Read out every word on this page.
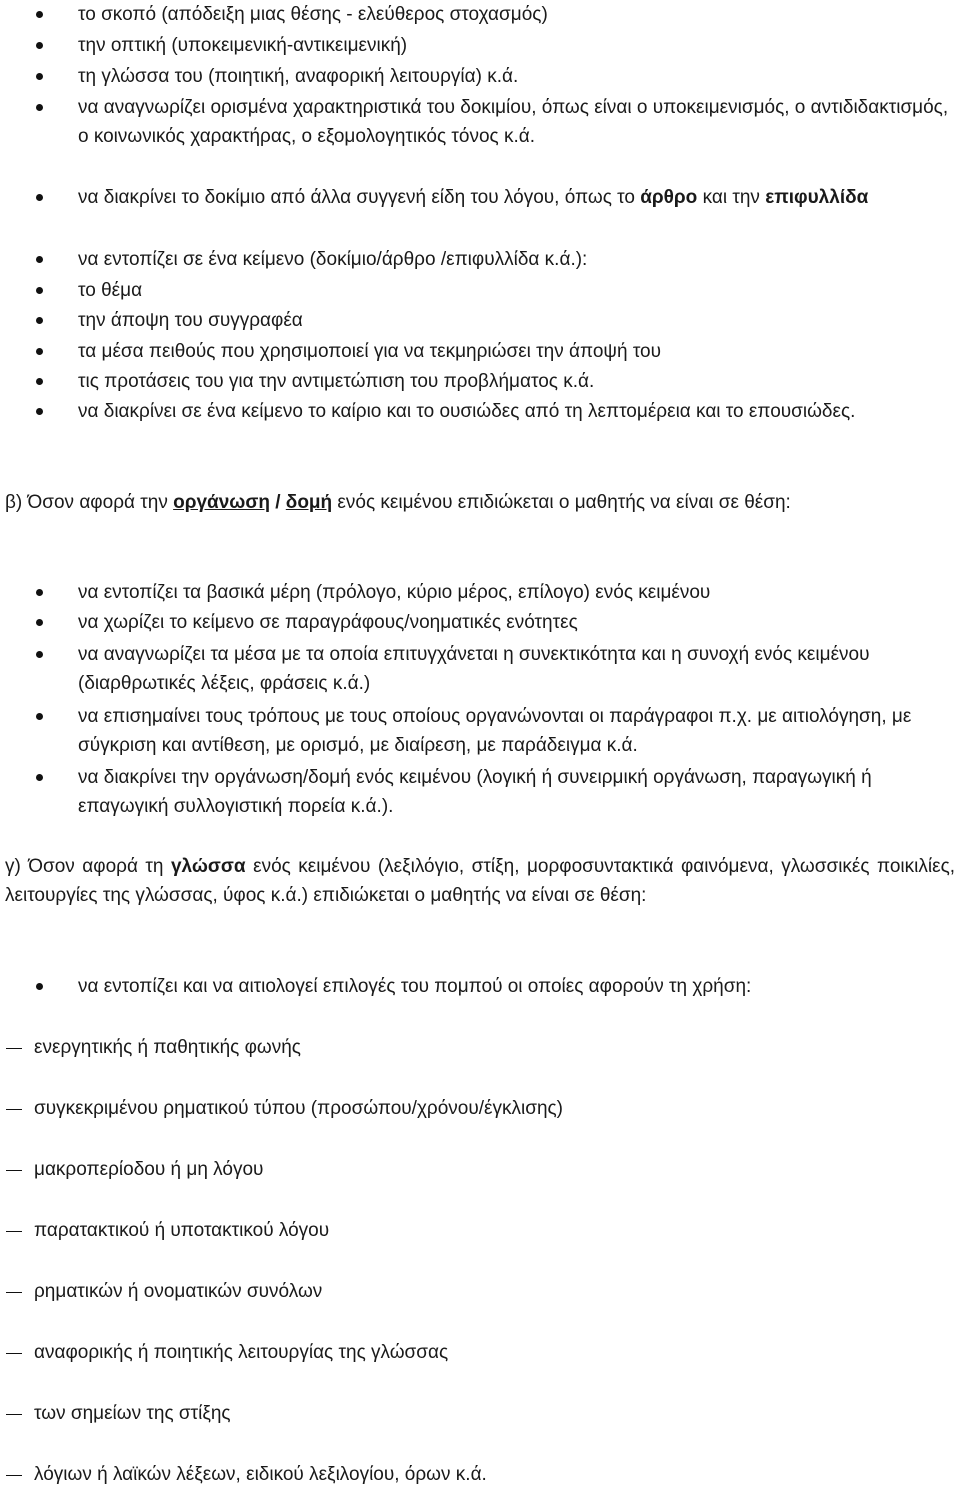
το σκοπό (απόδειξη μιας θέσης - ελεύθερος στοχασμός)
την οπτική (υποκειμενική-αντικειμενική)
τη γλώσσα του (ποιητική, αναφορική λειτουργία) κ.ά.
να αναγνωρίζει ορισμένα χαρακτηριστικά του δοκιμίου, όπως είναι ο υποκειμενισμός, ο αντιδιδακτισμός, ο κοινωνικός χαρακτήρας, ο εξομολογητικός τόνος κ.ά.
να διακρίνει το δοκίμιο από άλλα συγγενή είδη του λόγου, όπως το άρθρο και την επιφυλλίδα
να εντοπίζει σε ένα κείμενο (δοκίμιο/άρθρο /επιφυλλίδα κ.ά.):
το θέμα
την άποψη του συγγραφέα
τα μέσα πειθούς που χρησιμοποιεί για να τεκμηριώσει την άποψή του
τις προτάσεις του για την αντιμετώπιση του προβλήματος κ.ά.
να διακρίνει σε ένα κείμενο το καίριο και το ουσιώδες από τη λεπτομέρεια και το επουσιώδες.
β) Όσον αφορά την οργάνωση / δομή ενός κειμένου επιδιώκεται ο μαθητής να είναι σε θέση:
να εντοπίζει τα βασικά μέρη (πρόλογο, κύριο μέρος, επίλογο) ενός κειμένου
να χωρίζει το κείμενο σε παραγράφους/νοηματικές ενότητες
να αναγνωρίζει τα μέσα με τα οποία επιτυγχάνεται η συνεκτικότητα και η συνοχή ενός κειμένου (διαρθρωτικές λέξεις, φράσεις κ.ά.)
να επισημαίνει τους τρόπους με τους οποίους οργανώνονται οι παράγραφοι π.χ. με αιτιολόγηση, με σύγκριση και αντίθεση, με ορισμό, με διαίρεση, με παράδειγμα κ.ά.
να διακρίνει την οργάνωση/δομή ενός κειμένου (λογική ή συνειρμική οργάνωση, παραγωγική ή επαγωγική συλλογιστική πορεία κ.ά.).
γ) Όσον αφορά τη γλώσσα ενός κειμένου (λεξιλόγιο, στίξη, μορφοσυντακτικά φαινόμενα, γλωσσικές ποικιλίες, λειτουργίες της γλώσσας, ύφος κ.ά.) επιδιώκεται ο μαθητής να είναι σε θέση:
να εντοπίζει και να αιτιολογεί επιλογές του πομπού οι οποίες αφορούν τη χρήση:
ενεργητικής ή παθητικής φωνής
συγκεκριμένου ρηματικού τύπου (προσώπου/χρόνου/έγκλισης)
μακροπερίοδου ή μη λόγου
παρατακτικού ή υποτακτικού λόγου
ρηματικών ή ονοματικών συνόλων
αναφορικής ή ποιητικής λειτουργίας της γλώσσας
των σημείων της στίξης
λόγιων ή λαϊκών λέξεων, ειδικού λεξιλογίου, όρων κ.ά.
